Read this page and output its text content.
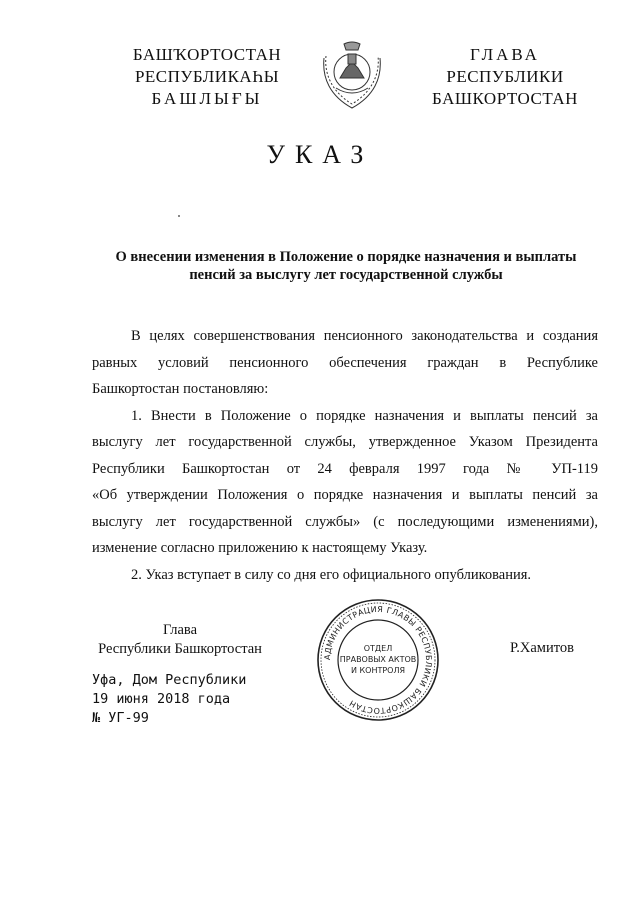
БАШҠОРТОСТАН
РЕСПУБЛИКАҺЫ
БАШЛЫҒЫ
ГЛАВА
РЕСПУБЛИКИ
БАШКОРТОСТАН
УКАЗ
О внесении изменения в Положение о порядке назначения и выплаты
пенсий за выслугу лет государственной службы
В целях совершенствования пенсионного законодательства и создания
равных условий пенсионного обеспечения граждан в Республике
Башкортостан постановляю:
1. Внести в Положение о порядке назначения и выплаты пенсий за
выслугу лет государственной службы, утвержденное Указом Президента
Республики Башкортостан от 24 февраля 1997 года № УП-119
«Об утверждении Положения о порядке назначения и выплаты пенсий за
выслугу лет государственной службы» (с последующими изменениями),
изменение согласно приложению к настоящему Указу.
2. Указ вступает в силу со дня его официального опубликования.
Глава
Республики Башкортостан	АДМИНИСТРАЦИЯ ГЛАВЫ РЕСПУБЛИКИ БАШКОРТОСТАН
ОТДЕЛ
ПРАВОВЫХ АКТОВ
И КОНТРОЛЯ
Р.Хамитов
Уфа, Дом Республики
19 июня 2018 года
№ УГ-99
